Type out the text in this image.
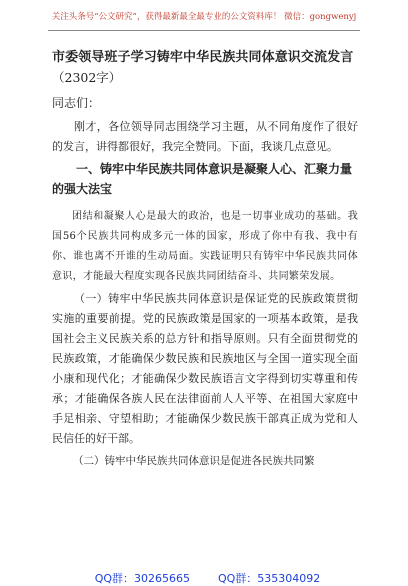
关注头条号“公文研究”，获得最新最全最专业的公文资料库！ 微信：gongwenyj

市委领导班子学习铸牢中华民族共同体意识交流发言

（2302字）

同志们：

刚才，各位领导同志围绕学习主题，从不同角度作了很好的发言，讲得都很好，我完全赞同。下面，我谈几点意见。

一、铸牢中华民族共同体意识是凝聚人心、汇聚力量的强大法宝

团结和凝聚人心是最大的政治，也是一切事业成功的基础。我国56个民族共同构成多元一体的国家，形成了你中有我、我中有你、谁也离不开谁的生动局面。实践证明只有铸牢中华民族共同体意识，才能最大程度实现各民族共同团结奋斗、共同繁荣发展。

（一）铸牢中华民族共同体意识是保证党的民族政策贯彻实施的重要前提。党的民族政策是国家的一项基本政策，是我国社会主义民族关系的总方针和指导原则。只有全面贯彻党的民族政策，才能确保少数民族和民族地区与全国一道实现全面小康和现代化；才能确保少数民族语言文字得到切实尊重和传承；才能确保各族人民在法律面前人人平等、在祖国大家庭中手足相亲、守望相助；才能确保少数民族干部真正成为党和人民信任的好干部。

（二）铸牢中华民族共同体意识是促进各民族共同繁

QQ群：30265665        QQ群：535304092
